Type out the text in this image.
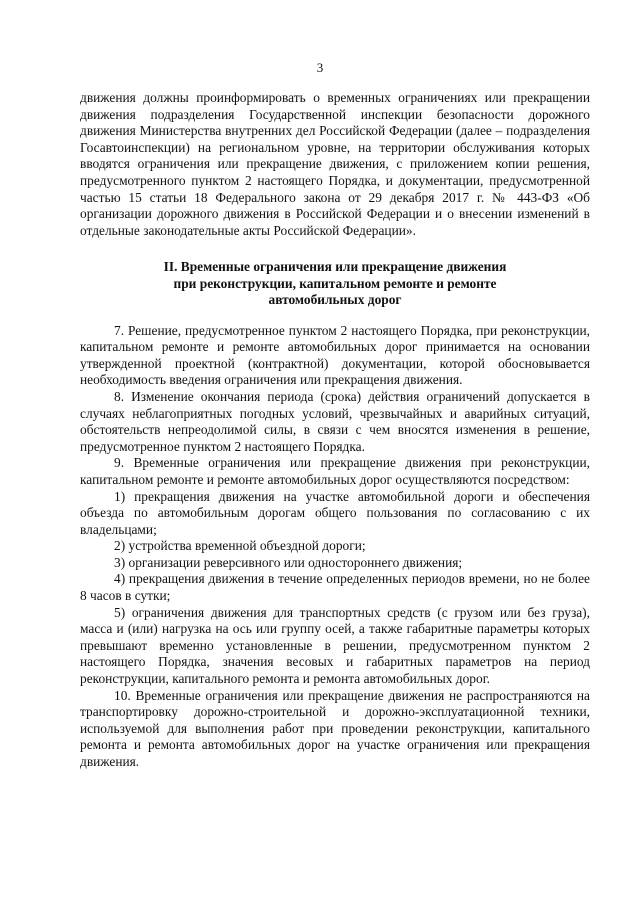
3

движения должны проинформировать о временных ограничениях или прекращении движения подразделения Государственной инспекции безопасности дорожного движения Министерства внутренних дел Российской Федерации (далее – подразделения Госавтоинспекции) на региональном уровне, на территории обслуживания которых вводятся ограничения или прекращение движения, с приложением копии решения, предусмотренного пунктом 2 настоящего Порядка, и документации, предусмотренной частью 15 статьи 18 Федерального закона от 29 декабря 2017 г. № 443-ФЗ «Об организации дорожного движения в Российской Федерации и о внесении изменений в отдельные законодательные акты Российской Федерации».

II. Временные ограничения или прекращение движения
при реконструкции, капитальном ремонте и ремонте
автомобильных дорог

7. Решение, предусмотренное пунктом 2 настоящего Порядка, при реконструкции, капитальном ремонте и ремонте автомобильных дорог принимается на основании утвержденной проектной (контрактной) документации, которой обосновывается необходимость введения ограничения или прекращения движения.

8. Изменение окончания периода (срока) действия ограничений допускается в случаях неблагоприятных погодных условий, чрезвычайных и аварийных ситуаций, обстоятельств непреодолимой силы, в связи с чем вносятся изменения в решение, предусмотренное пунктом 2 настоящего Порядка.

9. Временные ограничения или прекращение движения при реконструкции, капитальном ремонте и ремонте автомобильных дорог осуществляются посредством:

1) прекращения движения на участке автомобильной дороги и обеспечения объезда по автомобильным дорогам общего пользования по согласованию с их владельцами;

2) устройства временной объездной дороги;

3) организации реверсивного или одностороннего движения;

4) прекращения движения в течение определенных периодов времени, но не более 8 часов в сутки;

5) ограничения движения для транспортных средств (с грузом или без груза), масса и (или) нагрузка на ось или группу осей, а также габаритные параметры которых превышают временно установленные в решении, предусмотренном пунктом 2 настоящего Порядка, значения весовых и габаритных параметров на период реконструкции, капитального ремонта и ремонта автомобильных дорог.

10. Временные ограничения или прекращение движения не распространяются на транспортировку дорожно-строительной и дорожно-эксплуатационной техники, используемой для выполнения работ при проведении реконструкции, капитального ремонта и ремонта автомобильных дорог на участке ограничения или прекращения движения.
